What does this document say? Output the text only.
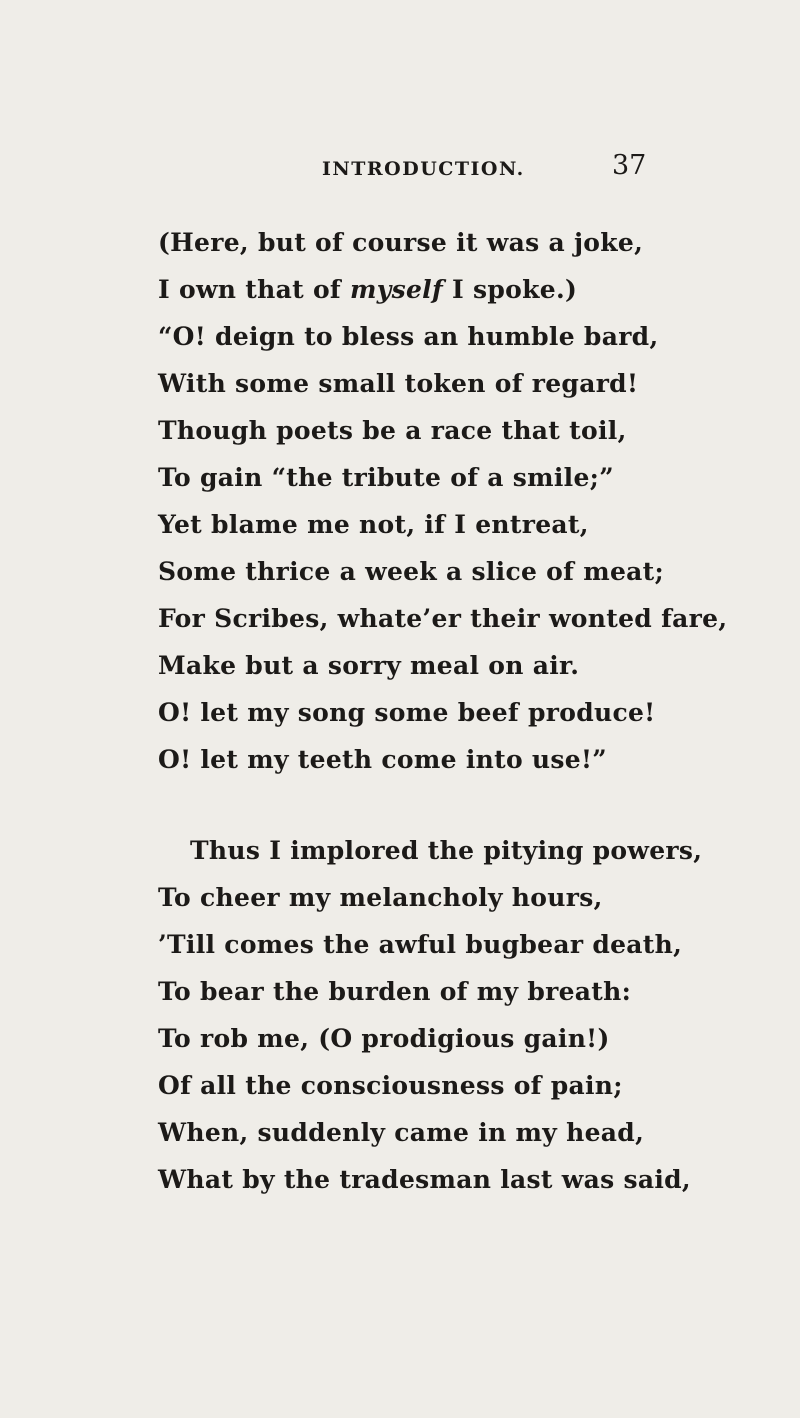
INTRODUCTION.	37
(Here, but of course it was a joke,
I own that of myself I spoke.)
“O! deign to bless an humble bard,
With some small token of regard!
Though poets be a race that toil,
To gain “the tribute of a smile;”
Yet blame me not, if I entreat,
Some thrice a week a slice of meat;
For Scribes, whate’er their wonted fare,
Make but a sorry meal on air.
O! let my song some beef produce!
O! let my teeth come into use!”
Thus I implored the pitying powers,
To cheer my melancholy hours,
’Till comes the awful bugbear death,
To bear the burden of my breath:
To rob me, (O prodigious gain!)
Of all the consciousness of pain;
When, suddenly came in my head,
What by the tradesman last was said,
